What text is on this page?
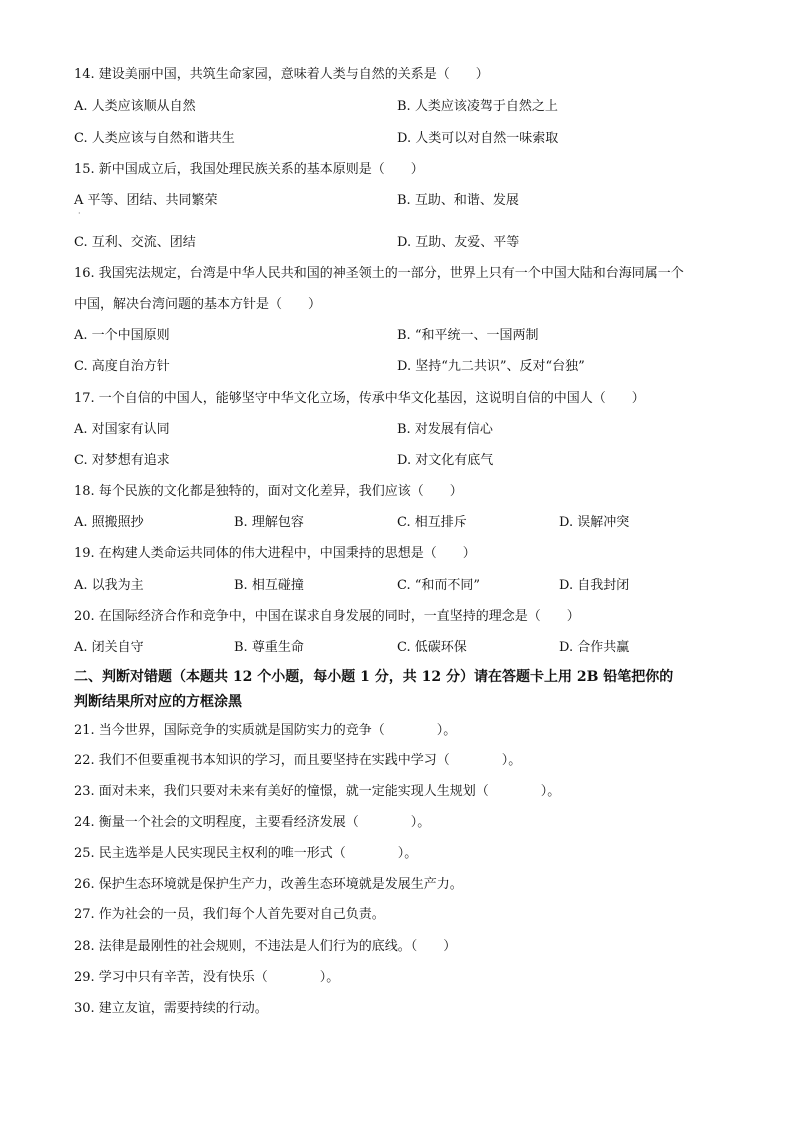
14. 建设美丽中国，共筑生命家园，意味着人类与自然的关系是（　　）
A. 人类应该顺从自然	B. 人类应该凌驾于自然之上
C. 人类应该与自然和谐共生	D. 人类可以对自然一味索取
15. 新中国成立后，我国处理民族关系的基本原则是（　　）
A 平等、团结、共同繁荣	B. 互助、和谐、发展
·
C. 互利、交流、团结	D. 互助、友爱、平等
16. 我国宪法规定，台湾是中华人民共和国的神圣领土的一部分，世界上只有一个中国大陆和台海同属一个
中国，解决台湾问题的基本方针是（　　）
A. 一个中国原则	B. “和平统一、一国两制
C. 高度自治方针	D. 坚持“九二共识”、反对“台独”
17. 一个自信的中国人，能够坚守中华文化立场，传承中华文化基因，这说明自信的中国人（　　）
A. 对国家有认同	B. 对发展有信心
C. 对梦想有追求	D. 对文化有底气
18. 每个民族的文化都是独特的，面对文化差异，我们应该（　　）
A. 照搬照抄	B. 理解包容	C. 相互排斥	D. 误解冲突
19. 在构建人类命运共同体的伟大进程中，中国秉持的思想是（　　）
A. 以我为主	B. 相互碰撞	C. “和而不同”	D. 自我封闭
20. 在国际经济合作和竞争中，中国在谋求自身发展的同时，一直坚持的理念是（　　）
A. 闭关自守	B. 尊重生命	C. 低碳环保	D. 合作共赢
二、判断对错题（本题共 12 个小题，每小题 1 分，共 12 分）请在答题卡上用 2B 铅笔把你的
判断结果所对应的方框涂黑
21. 当今世界，国际竞争的实质就是国防实力的竞争（　　　　）。
22. 我们不但要重视书本知识的学习，而且要坚持在实践中学习（　　　　）。
23. 面对未来，我们只要对未来有美好的憧憬，就一定能实现人生规划（　　　　）。
24. 衡量一个社会的文明程度，主要看经济发展（　　　　）。
25. 民主选举是人民实现民主权利的唯一形式（　　　　）。
26. 保护生态环境就是保护生产力，改善生态环境就是发展生产力。
27. 作为社会的一员，我们每个人首先要对自己负责。
28. 法律是最刚性的社会规则，不违法是人们行为的底线。（　　）
29. 学习中只有辛苦，没有快乐（　　　　）。
30. 建立友谊，需要持续的行动。
